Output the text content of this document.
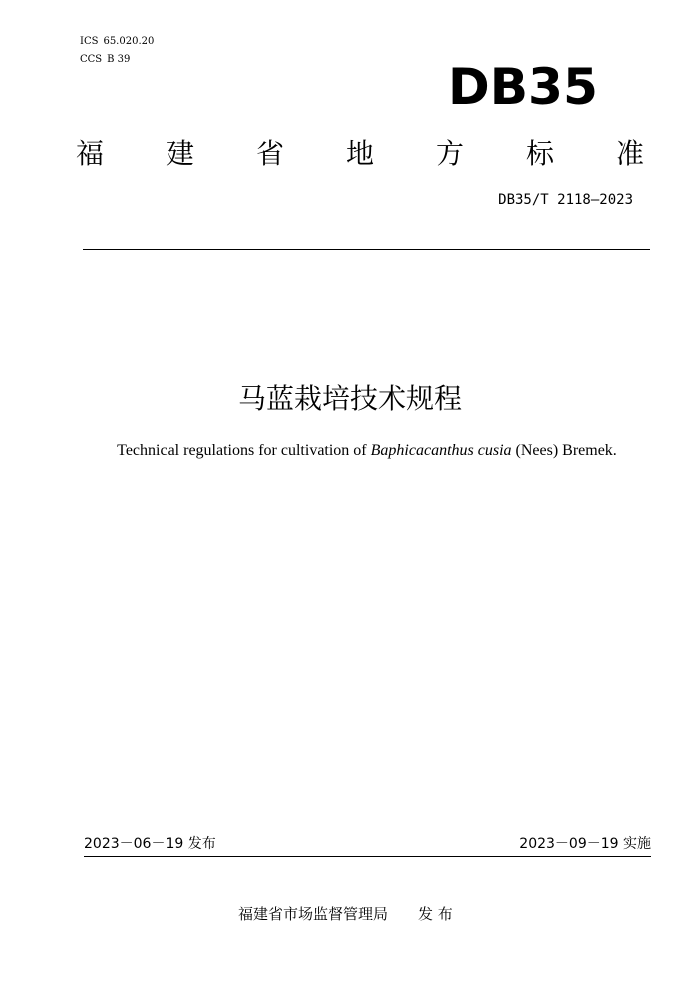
ICS 65.020.20
CCS B 39	DB35
福 建 省 地 方 标 准
DB35/T 2118—2023
马蓝栽培技术规程
Technical regulations for cultivation of Baphicacanthus cusia (Nees) Bremek.
2023－06－19 发布	2023－09－19 实施
福建省市场监督管理局 发 布
